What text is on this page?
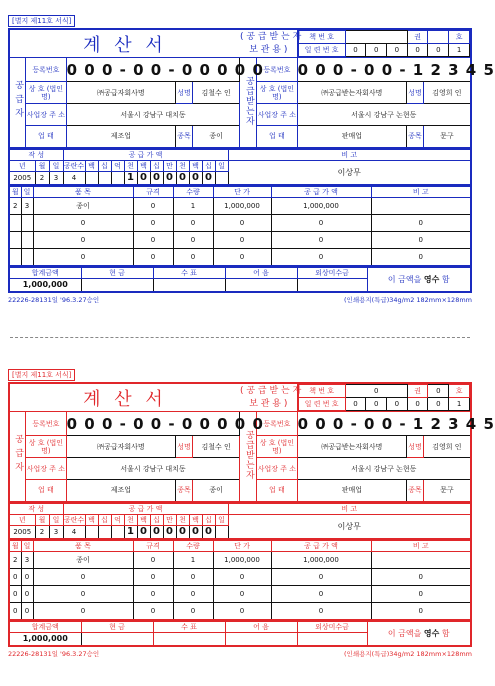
[별지 제11호 서식]
계 산 서	( 공 급 받 는 자
보 관 용 )	
책 번 호		권		호
일 련 번 호	0	0	0	0	0	1

공급자	등록번호	0 0 0 - 0 0 - 0 0 0 0 0	공급받는자	등록번호	0 0 0 - 0 0 - 1 2 3 4 5
상 호 (법인명)	㈜공급자회사명	성명	김철수 인	상 호 (법인명)	㈜공급받는자회사명	성명	김영희 인
사업장 주 소	서울시 강남구 대치동	사업장 주 소	서울시 강남구 논현동
업 태	제조업	종목	종이	업 태	판매업	종목	문구
작 성			공 급 가 액												비 고
년	월	일	공란수	백	십	억	천	백	십	만	천	백	십	일	이상무
2005	2	3	4				1	0	0	0	0	0	0		
월	일	품 목	규격	수량	단 가	공 급 가 액	비 고
2	3	종이	0	1	1,000,000	1,000,000	
		0	0	0	0	0	0
		0	0	0	0	0	0
		0	0	0	0	0	0
합계금액	현 금	수 표	어 음	외상미수금	이 금액을 영수 함
1,000,000					
22226-28131일 '96.3.27승인	(인쇄용지(특급)34g/m2 182mm×128mm
[별지 제11호 서식]
계 산 서	( 공 급 받 는 자
보 관 용 )	
책 번 호	0	권	0	호
일 련 번 호	0	0	0	0	0	1

공급자	등록번호	0 0 0 - 0 0 - 0 0 0 0 0	공급받는자	등록번호	0 0 0 - 0 0 - 1 2 3 4 5
상 호 (법인명)	㈜공급자회사명	성명	김철수 인	상 호 (법인명)	㈜공급받는자회사명	성명	김영희 인
사업장 주 소	서울시 강남구 대치동	사업장 주 소	서울시 강남구 논현동
업 태	제조업	종목	종이	업 태	판매업	종목	문구
작 성			공 급 가 액												비 고
년	월	일	공란수	백	십	억	천	백	십	만	천	백	십	일	이상무
2005	2	3	4				1	0	0	0	0	0	0		
월	일	품 목	규격	수량	단 가	공 급 가 액	비 고
2	3	종이	0	1	1,000,000	1,000,000	
0	0	0	0	0	0	0	0
0	0	0	0	0	0	0	0
0	0	0	0	0	0	0	0
합계금액	현 금	수 표	어 음	외상미수금	이 금액을 영수 함
1,000,000					
22226-28131일 '96.3.27승인	(인쇄용지(특급)34g/m2 182mm×128mm
